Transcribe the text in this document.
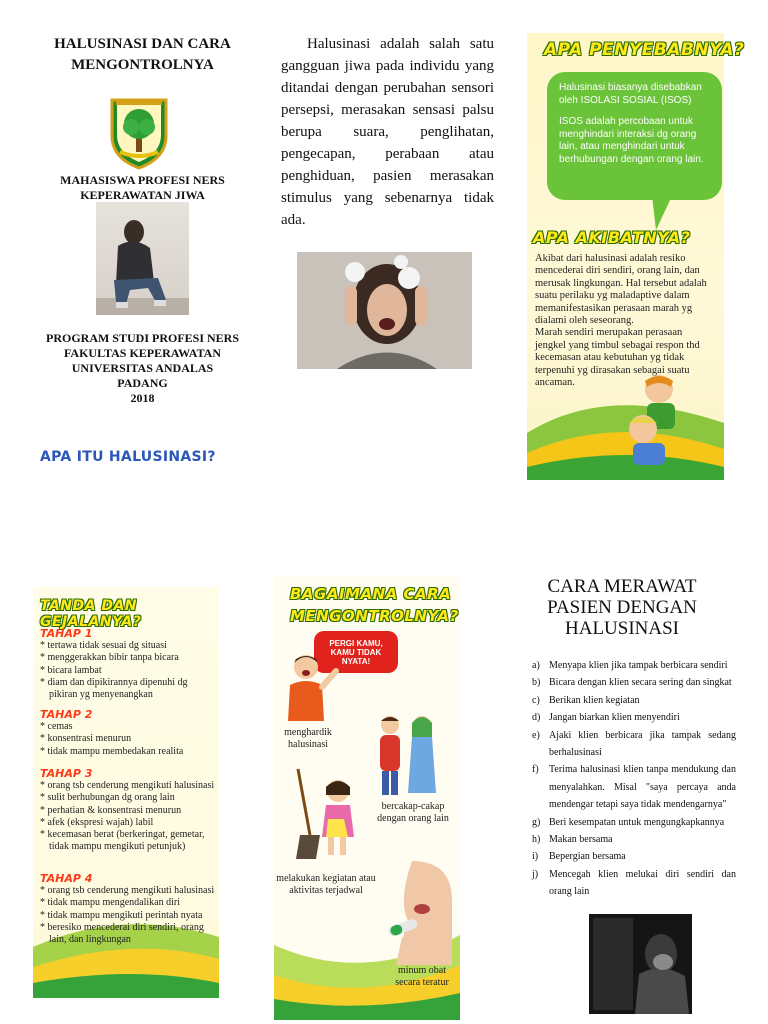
HALUSINASI DAN CARA MENGONTROLNYA
MAHASISWA PROFESI NERS
KEPERAWATAN JIWA
PROGRAM STUDI PROFESI NERS
FAKULTAS KEPERAWATAN
UNIVERSITAS ANDALAS
PADANG
2018
APA ITU HALUSINASI?

Halusinasi adalah salah satu gangguan jiwa pada individu yang ditandai dengan perubahan sensori persepsi, merasakan sensasi palsu berupa suara, penglihatan, pengecapan, perabaan atau penghiduan, pasien merasakan stimulus yang sebenarnya tidak ada.

APA PENYEBABNYA?

Halusinasi biasanya disebabkan oleh ISOLASI SOSIAL (ISOS)

ISOS adalah percobaan untuk menghindari interaksi dg orang lain, atau menghindari untuk berhubungan dengan orang lain.

APA AKIBATNYA?

Akibat dari halusinasi adalah resiko mencederai diri sendiri, orang lain, dan merusak lingkungan. Hal tersebut adalah suatu perilaku yg maladaptive dalam memanifestasikan perasaan marah yg dialami oleh seseorang.

Marah sendiri merupakan perasaan jengkel yang timbul sebagai respon thd kecemasan atau kebutuhan yg tidak terpenuhi yg dirasakan sebagai suatu ancaman.

TANDA DAN GEJALANYA?
TAHAP 1
* tertawa tidak sesuai dg situasi
* menggerakkan bibir tanpa bicara
* bicara lambat
* diam dan dipikirannya dipenuhi dg pikiran yg menyenangkan
TAHAP 2
* cemas
* konsentrasi menurun
* tidak mampu membedakan realita
TAHAP 3
* orang tsb cenderung mengikuti halusinasi
* sulit berhubungan dg orang lain
* perhatian & konsentrasi menurun
* afek (ekspresi wajah) labil
* kecemasan berat (berkeringat, gemetar, tidak mampu mengikuti petunjuk)
TAHAP 4
* orang tsb cenderung mengikuti halusinasi
* tidak mampu mengendalikan diri
* tidak mampu mengikuti perintah nyata
* beresiko mencederai diri sendiri, orang lain, dan lingkungan
BAGAIMANA CARA
MENGONTROLNYA?
PERGI KAMU, KAMU TIDAK NYATA!
menghardik halusinasi
bercakap-cakap dengan orang lain
melakukan kegiatan atau aktivitas terjadwal
minum obat secara teratur
CARA MERAWAT PASIEN DENGAN HALUSINASI
a) Menyapa klien jika tampak berbicara sendiri
b) Bicara dengan klien secara sering dan singkat
c) Berikan klien kegiatan
d) Jangan biarkan klien menyendiri
e) Ajaki klien berbicara jika tampak sedang berhalusinasi
f) Terima halusinasi klien tanpa mendukung dan menyalahkan. Misal "saya percaya anda mendengar tetapi saya tidak mendengarnya"
g) Beri kesempatan untuk mengungkapkannya
h) Makan bersama
i) Bepergian bersama
j) Mencegah klien melukai diri sendiri dan orang lain
